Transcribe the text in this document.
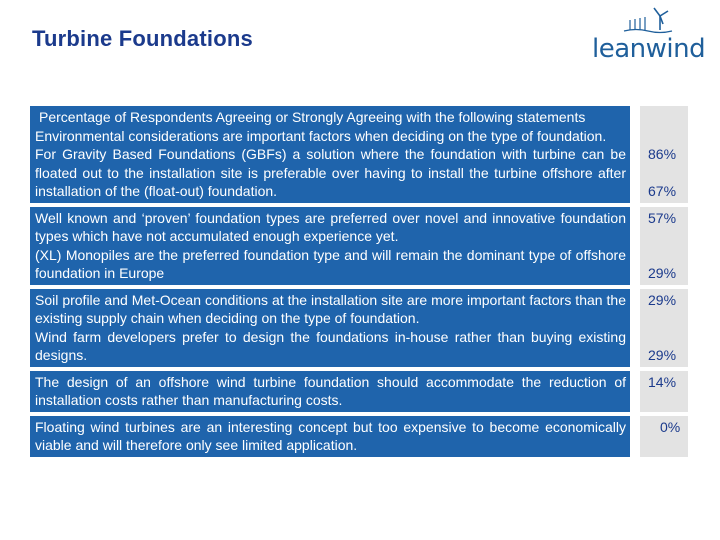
Turbine Foundations	leanwind

Percentage of Respondents Agreeing or Strongly Agreeing with the following statements

Environmental considerations are important factors when deciding on the type of foundation.

For Gravity Based Foundations (GBFs) a solution where the foundation with turbine can be floated out to the installation site is preferable over having to install the turbine offshore after installation of the (float-out) foundation.

86%

67%

Well known and ‘proven’ foundation types are preferred over novel and innovative foundation types which have not accumulated enough experience yet.

(XL) Monopiles are the preferred foundation type and will remain the dominant type of offshore foundation in Europe

57%

29%

Soil profile and Met-Ocean conditions at the installation site are more important factors than the existing supply chain when deciding on the type of foundation.

Wind farm developers prefer to design the foundations in-house rather than buying existing designs.

29%

29%

The design of an offshore wind turbine foundation should accommodate the reduction of installation costs rather than manufacturing costs.

14%

Floating wind turbines are an interesting concept but too expensive to become economically viable and will therefore only see limited application.

0%
